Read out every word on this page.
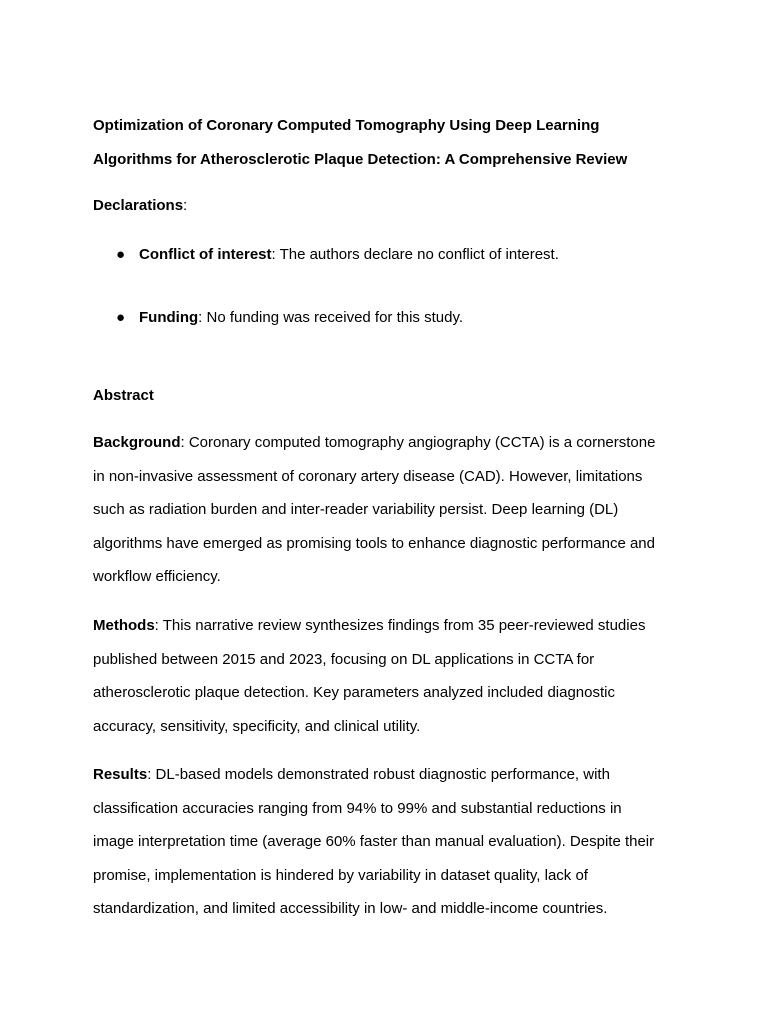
Optimization of Coronary Computed Tomography Using Deep Learning
Algorithms for Atherosclerotic Plaque Detection: A Comprehensive Review
Declarations:
● Conflict of interest: The authors declare no conflict of interest.
● Funding: No funding was received for this study.
Abstract
Background: Coronary computed tomography angiography (CCTA) is a cornerstone
in non-invasive assessment of coronary artery disease (CAD). However, limitations
such as radiation burden and inter-reader variability persist. Deep learning (DL)
algorithms have emerged as promising tools to enhance diagnostic performance and
workflow efficiency.
Methods: This narrative review synthesizes findings from 35 peer-reviewed studies
published between 2015 and 2023, focusing on DL applications in CCTA for
atherosclerotic plaque detection. Key parameters analyzed included diagnostic
accuracy, sensitivity, specificity, and clinical utility.
Results: DL-based models demonstrated robust diagnostic performance, with
classification accuracies ranging from 94% to 99% and substantial reductions in
image interpretation time (average 60% faster than manual evaluation). Despite their
promise, implementation is hindered by variability in dataset quality, lack of
standardization, and limited accessibility in low- and middle-income countries.
